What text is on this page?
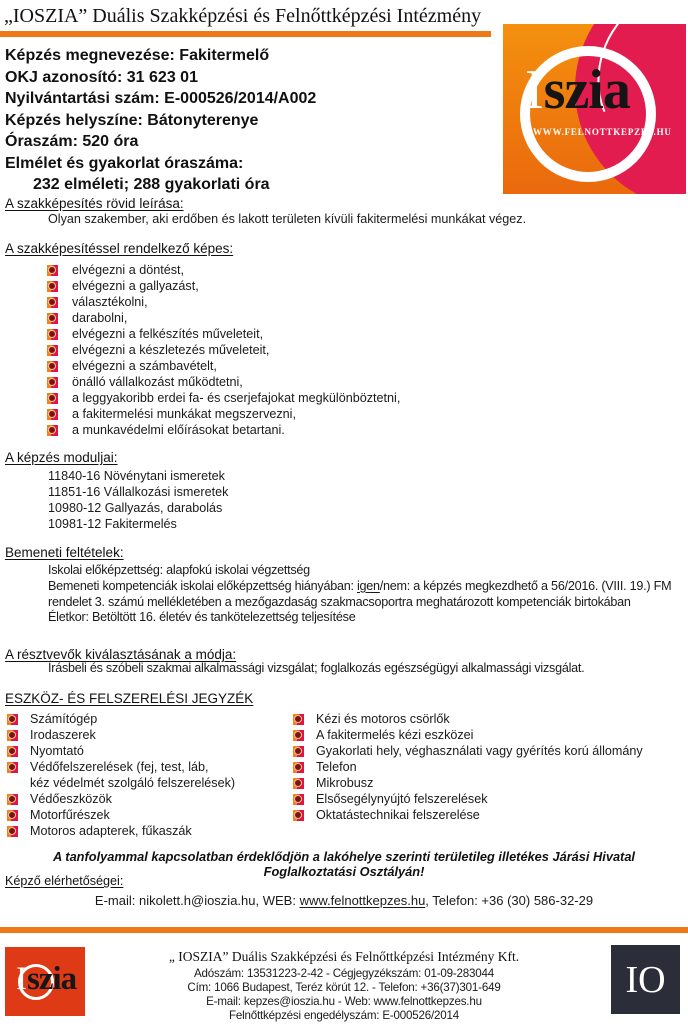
„IOSZIA” Duális Szakképzési és Felnőttképzési Intézmény
Képzés megnevezése: Fakitermelő
OKJ azonosító: 31 623 01
Nyilvántartási szám: E-000526/2014/A002
Képzés helyszíne: Bátonyterenye
Óraszám: 520 óra
Elmélet és gyakorlat óraszáma:
232 elméleti; 288 gyakorlati óra
Iszia
WWW.FELNOTTKEPZES.HU
A szakképesítés rövid leírása:
Olyan szakember, aki erdőben és lakott területen kívüli fakitermelési munkákat végez.
A szakképesítéssel rendelkező képes:
elvégezni a döntést,
elvégezni a gallyazást,
választékolni,
darabolni,
elvégezni a felkészítés műveleteit,
elvégezni a készletezés műveleteit,
elvégezni a számbavételt,
önálló vállalkozást működtetni,
a leggyakoribb erdei fa- és cserjefajokat megkülönböztetni,
a fakitermelési munkákat megszervezni,
a munkavédelmi előírásokat betartani.
A képzés moduljai:
11840-16 Növénytani ismeretek
11851-16 Vállalkozási ismeretek
10980-12 Gallyazás, darabolás
10981-12 Fakitermelés
Bemeneti feltételek:
Iskolai előképzettség: alapfokú iskolai végzettség
Bemeneti kompetenciák iskolai előképzettség hiányában: igen/nem: a képzés megkezdhető a 56/2016. (VIII. 19.) FM rendelet 3. számú mellékletében a mezőgazdaság szakmacsoportra meghatározott kompetenciák birtokában
Életkor: Betöltött 16. életév és tankötelezettség teljesítése
A résztvevők kiválasztásának a módja:
Írásbeli és szóbeli szakmai alkalmassági vizsgálat; foglalkozás egészségügyi alkalmassági vizsgálat.
ESZKÖZ- ÉS FELSZERELÉSI JEGYZÉK
Számítógép
Irodaszerek
Nyomtató
Védőfelszerelések (fej, test, láb,
kéz védelmét szolgáló felszerelések)
Védőeszközök
Motorfűrészek
Motoros adapterek, fűkaszák
Kézi és motoros csörlők
A fakitermelés kézi eszközei
Gyakorlati hely, véghasználati vagy gyérítés korú állomány
Telefon
Mikrobusz
Elsősegélynyújtó felszerelések
Oktatástechnikai felszerelése
A tanfolyammal kapcsolatban érdeklődjön a lakóhelye szerinti területileg illetékes Járási Hivatal Foglalkoztatási Osztályán!
Képző elérhetőségei:
E-mail: nikolett.h@ioszia.hu, WEB: www.felnottkepzes.hu, Telefon: +36 (30) 586-32-29
Iszia
„ IOSZIA” Duális Szakképzési és Felnőttképzési Intézmény Kft.
Adószám: 13531223-2-42 - Cégjegyzékszám: 01-09-283044
Cím: 1066 Budapest, Teréz körút 12. - Telefon: +36(37)301-649
E-mail: kepzes@ioszia.hu - Web: www.felnottkepzes.hu
Felnőttképzési engedélyszám: E-000526/2014
IO
